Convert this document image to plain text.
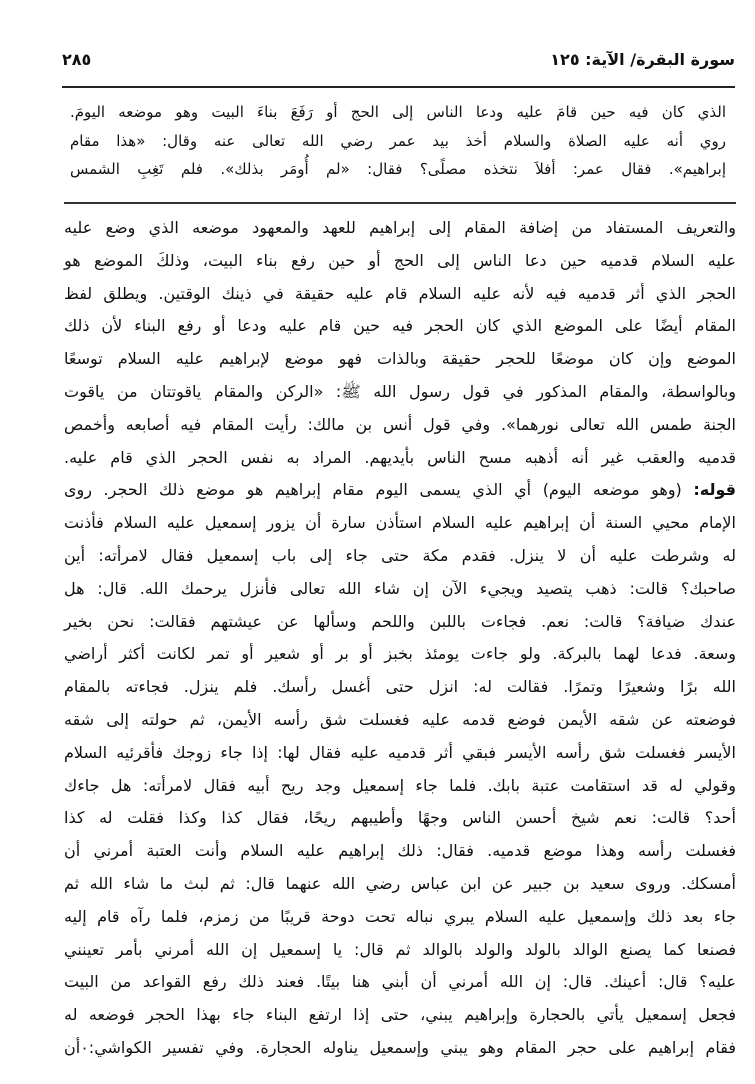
سورة البقرة/ الآية: ١٢٥
٢٨٥
الذي كان فيه حين قامَ عليه ودعا الناس إلى الحج أو رَفَعَ بناءَ البيت وهو موضعه اليومَ.
روي أنه عليه الصلاة والسلام أخذ بيد عمر رضي الله تعالى عنه وقال: «هذا مقام
إبراهيم». فقال عمر: أفلاَ نتخذه مصلًى؟ فقال: «لم أُومَر بذلك». فلم تَغِبِ الشمس
والتعريف المستفاد من إضافة المقام إلى إبراهيم للعهد والمعهود موضعه الذي وضع عليه
عليه السلام قدميه حين دعا الناس إلى الحج أو حين رفع بناء البيت، وذلكَ الموضع هو
الحجر الذي أثر قدميه فيه لأنه عليه السلام قام عليه حقيقة في ذينك الوقتين. ويطلق لفظ
المقام أيضًا على الموضع الذي كان الحجر فيه حين قام عليه ودعا أو رفع البناء لأن ذلك
الموضع وإن كان موضعًا للحجر حقيقة وبالذات فهو موضع لإبراهيم عليه السلام توسعًا
وبالواسطة، والمقام المذكور في قول رسول الله ﷺ: «الركن والمقام ياقوتتان من ياقوت
الجنة طمس الله تعالى نورهما». وفي قول أنس بن مالك: رأيت المقام فيه أصابعه وأخمص
قدميه والعقب غير أنه أذهبه مسح الناس بأيديهم. المراد به نفس الحجر الذي قام عليه.
قوله: (وهو موضعه اليوم) أي الذي يسمى اليوم مقام إبراهيم هو موضع ذلك الحجر. روى
الإمام محيي السنة أن إبراهيم عليه السلام استأذن سارة أن يزور إسمعيل عليه السلام فأذنت
له وشرطت عليه أن لا ينزل. فقدم مكة حتى جاء إلى باب إسمعيل فقال لامرأته: أين
صاحبك؟ قالت: ذهب يتصيد ويجيء الآن إن شاء الله تعالى فأنزل يرحمك الله. قال: هل
عندك ضيافة؟ قالت: نعم. فجاءت باللبن واللحم وسألها عن عيشتهم فقالت: نحن بخير
وسعة. فدعا لهما بالبركة. ولو جاءت يومئذ بخبز أو بر أو شعير أو تمر لكانت أكثر أراضي
الله برًا وشعيرًا وتمرًا. فقالت له: انزل حتى أغسل رأسك. فلم ينزل. فجاءته بالمقام
فوضعته عن شقه الأيمن فوضع قدمه عليه فغسلت شق رأسه الأيمن، ثم حولته إلى شقه
الأيسر فغسلت شق رأسه الأيسر فبقي أثر قدميه عليه فقال لها: إذا جاء زوجك فأقرئيه السلام
وقولي له قد استقامت عتبة بابك. فلما جاء إسمعيل وجد ريح أبيه فقال لامرأته: هل جاءك
أحد؟ قالت: نعم شيخ أحسن الناس وجهًا وأطيبهم ريحًا، فقال كذا وكذا فقلت له كذا
فغسلت رأسه وهذا موضع قدميه. فقال: ذلك إبراهيم عليه السلام وأنت العتبة أمرني أن
أمسكك. وروى سعيد بن جبير عن ابن عباس رضي الله عنهما قال: ثم لبث ما شاء الله ثم
جاء بعد ذلك وإسمعيل عليه السلام يبري نباله تحت دوحة قريبًا من زمزم، فلما رآه قام إليه
فصنعا كما يصنع الوالد بالولد والولد بالوالد ثم قال: يا إسمعيل إن الله أمرني بأمر تعينني
عليه؟ قال: أعينك. قال: إن الله أمرني أن أبني هنا بيتًا. فعند ذلك رفع القواعد من البيت
فجعل إسمعيل يأتي بالحجارة وإبراهيم يبني، حتى إذا ارتفع البناء جاء بهذا الحجر فوضعه له
فقام إبراهيم على حجر المقام وهو يبني وإسمعيل يناوله الحجارة. وفي تفسير الكواشي:٠أن
